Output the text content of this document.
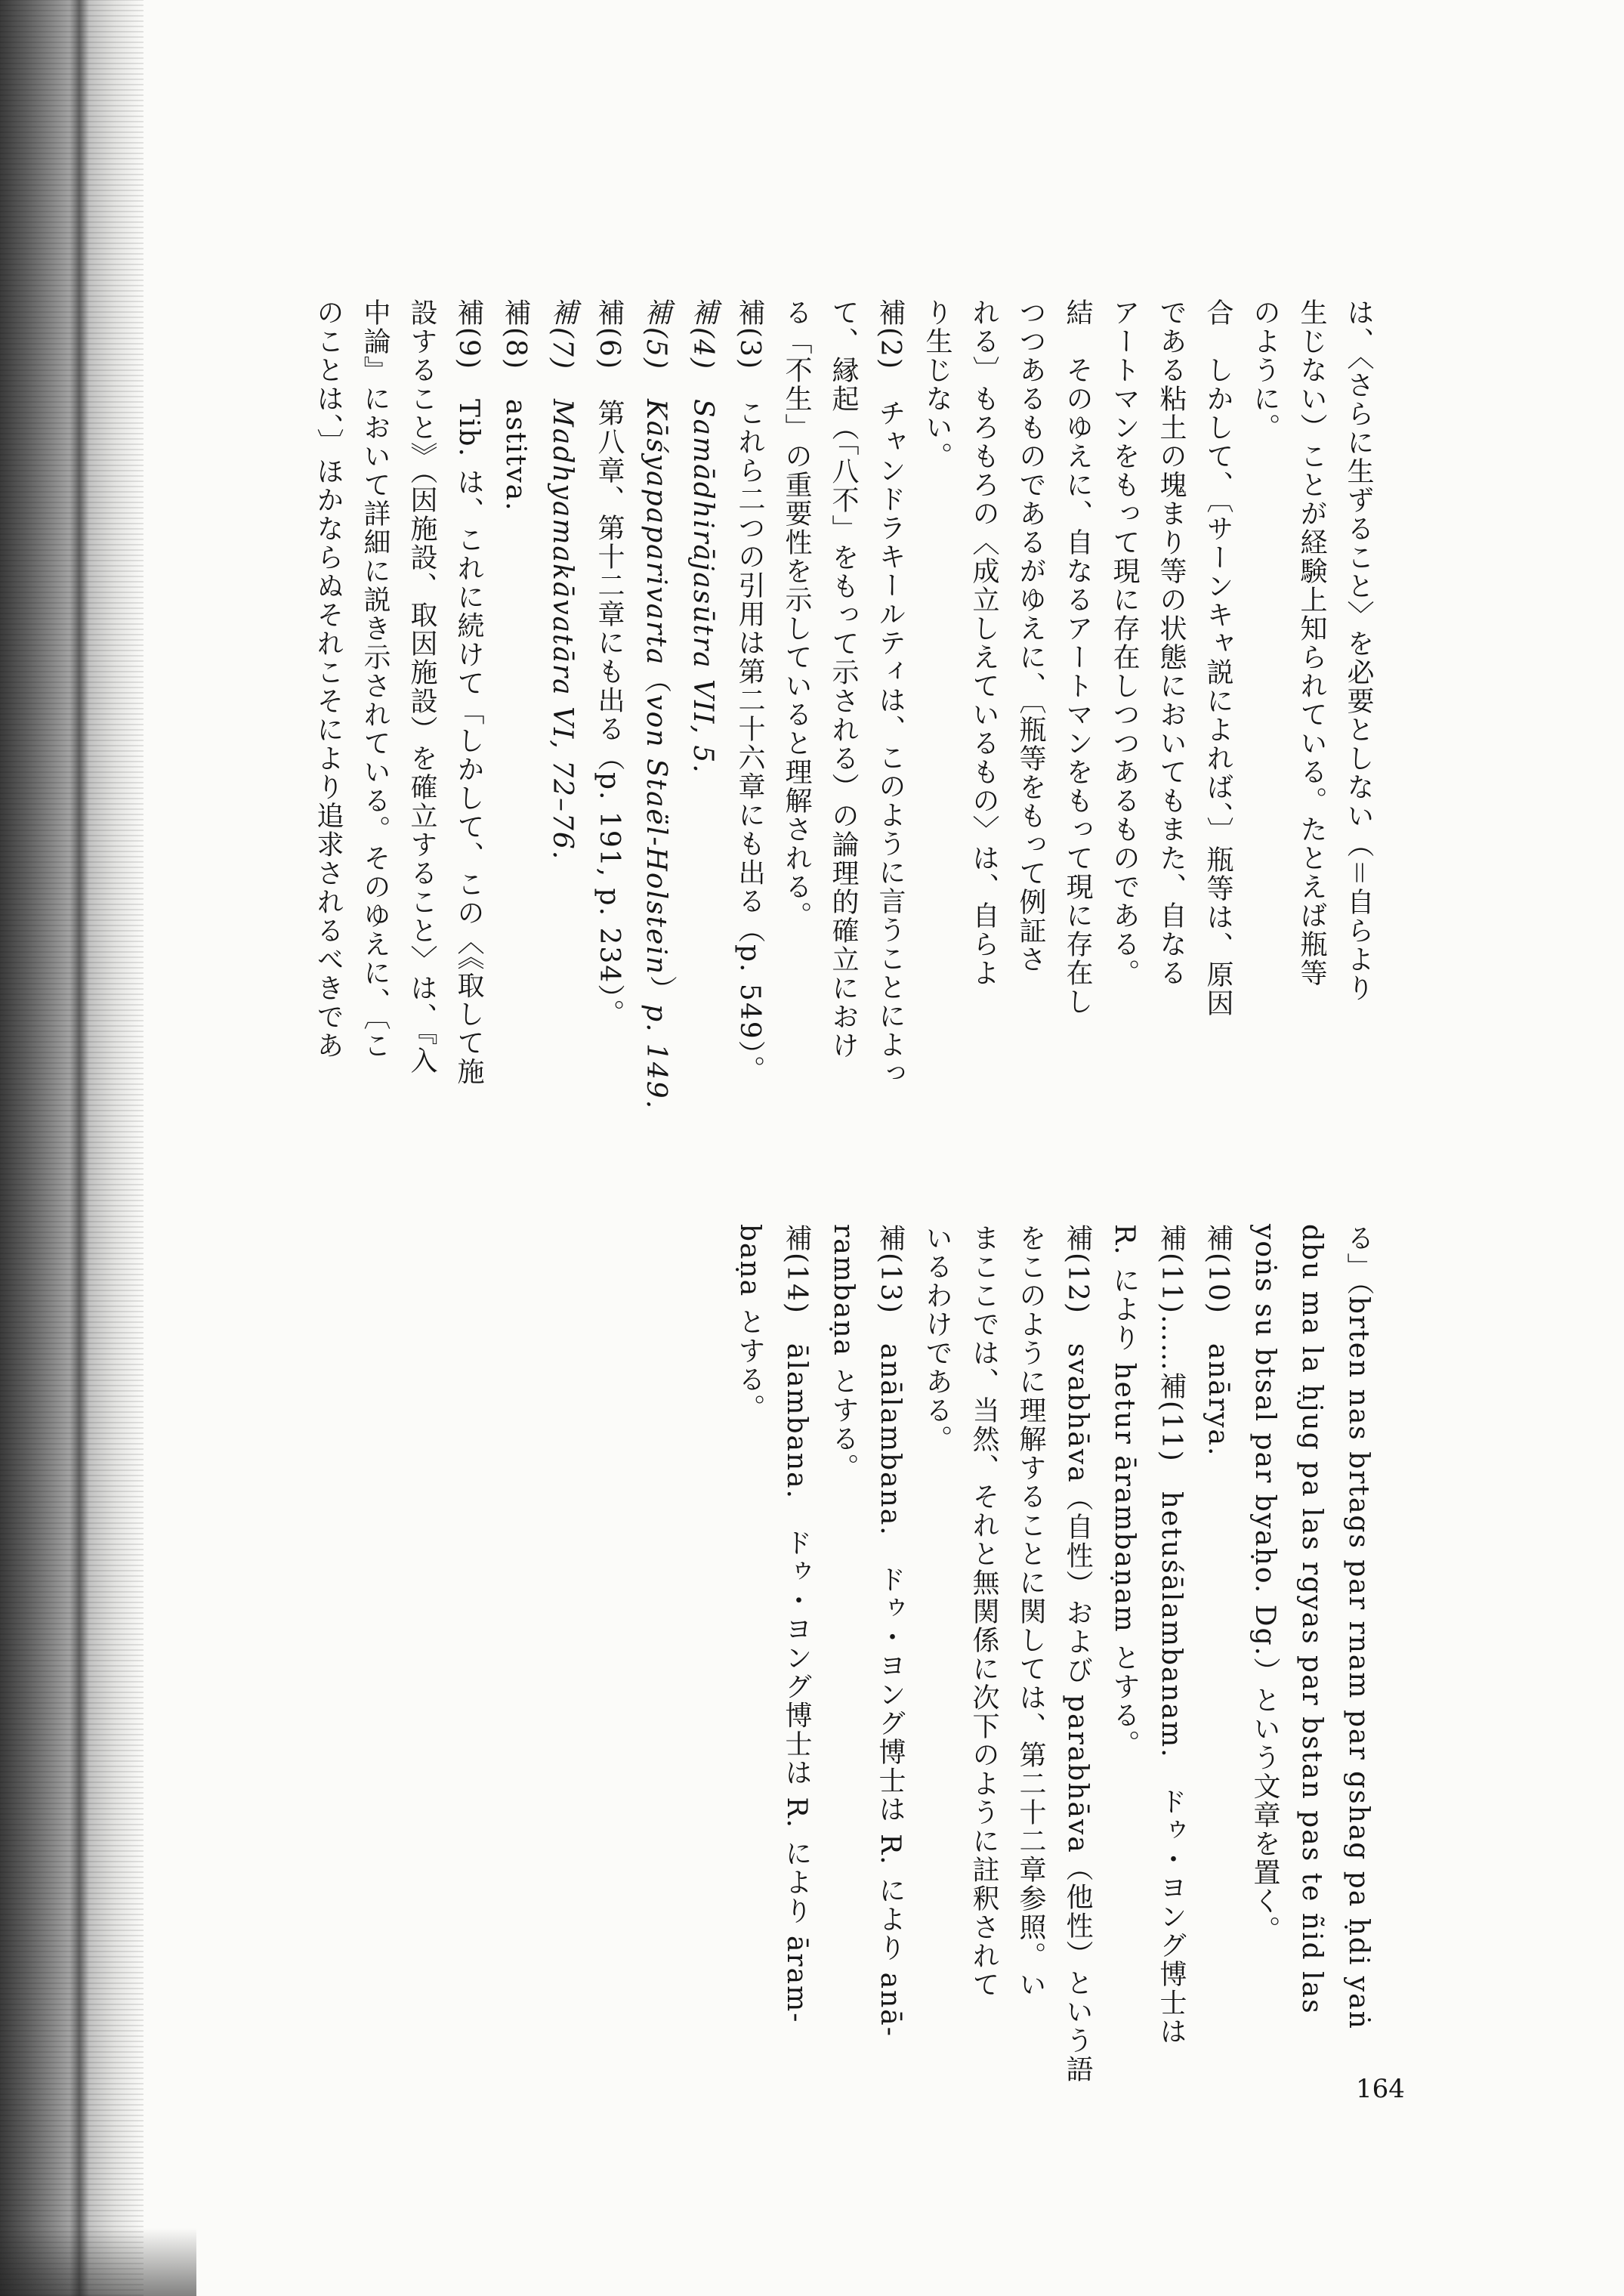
164
は、〈さらに生ずること〉を必要としない（＝自らより
生じない）ことが経験上知られている。たとえば瓶等
のように。
合　しかして、〔サーンキャ説によれば、〕瓶等は、原因
である粘土の塊まり等の状態においてもまた、自なる
アートマンをもって現に存在しつつあるものである。
結　そのゆえに、自なるアートマンをもって現に存在し
つつあるものであるがゆえに、〔瓶等をもって例証さ
れる〕もろもろの〈成立しえているもの〉は、自らよ
り生じない。
補(2)　チャンドラキールティは、このように言うことによっ
て、縁起（「八不」をもって示される）の論理的確立におけ
る「不生」の重要性を示していると理解される。
補(3)　これら二つの引用は第二十六章にも出る（p. 549）。
補(4)　Samādhirājasūtra VII, 5.
補(5)　Kāśyapaparivarta（von Staël-Holstein）p. 149.
補(6)　第八章、第十二章にも出る（p. 191, p. 234）。
補(7)　Madhyamakāvatāra VI, 72–76.
補(8)　astitva.
補(9)　Tib. は、これに続けて「しかして、この〈《取して施
設すること》（因施設、取因施設）を確立すること〉は、『入
中論』において詳細に説き示されている。そのゆえに、〔こ
のことは、〕ほかならぬそれこそにより追求されるべきであ
る」（brten nas brtags par rnam par gshag pa ḥdi yaṅ
dbu ma la ḥjug pa las rgyas par bstan pas te ñid las
yoṅs su btsal par byaḥo. Dg.）という文章を置く。
補(10)　anārya.
補(11)……補(11)　hetuśālambanam.　ドゥ・ヨング博士は
R. により hetur ārambaṇam とする。
補(12)　svabhāva（自性）および parabhāva（他性）という語
をこのように理解することに関しては、第二十二章参照。い
まここでは、当然、それと無関係に次下のように註釈されて
いるわけである。
補(13)　anālambana.　ドゥ・ヨング博士は R. により anā-
rambaṇa とする。
補(14)　ālambana.　ドゥ・ヨング博士は R. により āram-
baṇa とする。
